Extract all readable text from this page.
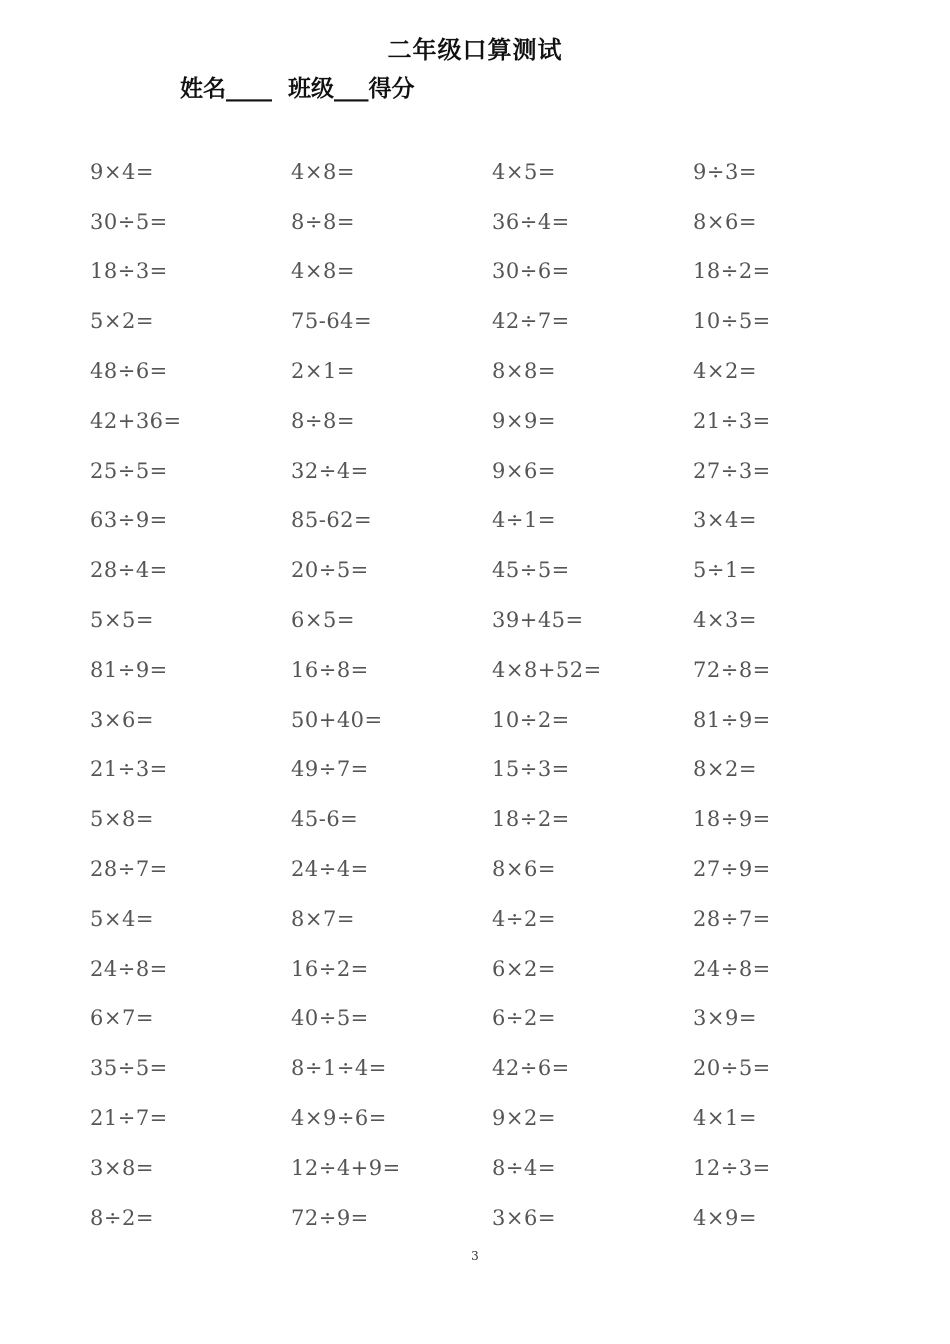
二年级口算测试
姓名____  班级___得分
9×4=	4×8=	4×5=	9÷3=
30÷5=	8÷8=	36÷4=	8×6=
18÷3=	4×8=	30÷6=	18÷2=
5×2=	75-64=	42÷7=	10÷5=
48÷6=	2×1=	8×8=	4×2=
42+36=	8÷8=	9×9=	21÷3=
25÷5=	32÷4=	9×6=	27÷3=
63÷9=	85-62=	4÷1=	3×4=
28÷4=	20÷5=	45÷5=	5÷1=
5×5=	6×5=	39+45=	4×3=
81÷9=	16÷8=	4×8+52=	72÷8=
3×6=	50+40=	10÷2=	81÷9=
21÷3=	49÷7=	15÷3=	8×2=
5×8=	45-6=	18÷2=	18÷9=
28÷7=	24÷4=	8×6=	27÷9=
5×4=	8×7=	4÷2=	28÷7=
24÷8=	16÷2=	6×2=	24÷8=
6×7=	40÷5=	6÷2=	3×9=
35÷5=	8÷1÷4=	42÷6=	20÷5=
21÷7=	4×9÷6=	9×2=	4×1=
3×8=	12÷4+9=	8÷4=	12÷3=
8÷2=	72÷9=	3×6=	4×9=
3
